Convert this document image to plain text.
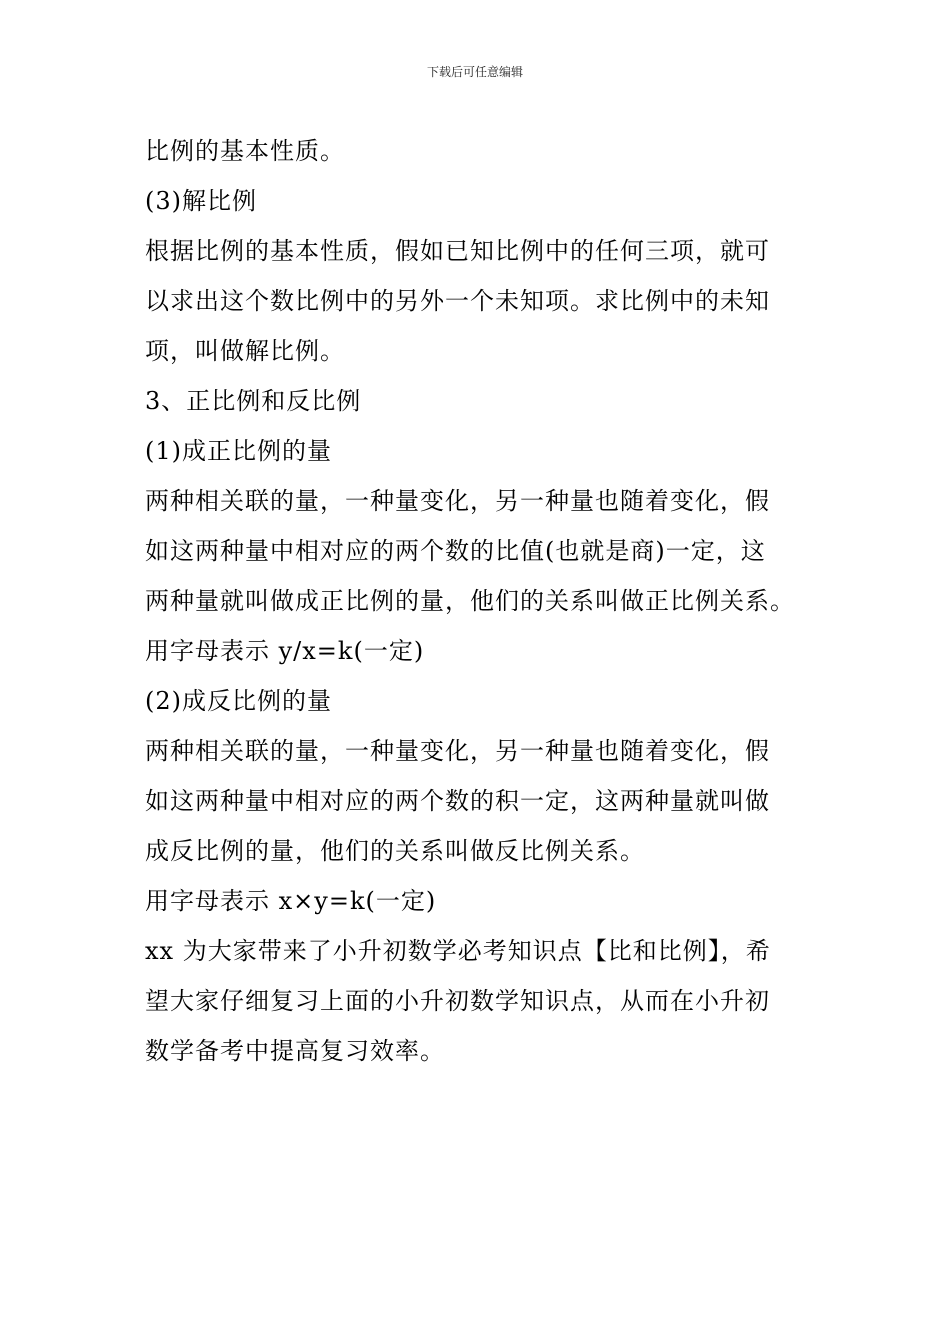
下载后可任意编辑
比例的基本性质。
(3)解比例
根据比例的基本性质，假如已知比例中的任何三项，就可
以求出这个数比例中的另外一个未知项。求比例中的未知
项，叫做解比例。
3、正比例和反比例
(1)成正比例的量
两种相关联的量，一种量变化，另一种量也随着变化，假
如这两种量中相对应的两个数的比值(也就是商)一定，这
两种量就叫做成正比例的量，他们的关系叫做正比例关系。
用字母表示 y/x=k(一定)
(2)成反比例的量
两种相关联的量，一种量变化，另一种量也随着变化，假
如这两种量中相对应的两个数的积一定，这两种量就叫做
成反比例的量，他们的关系叫做反比例关系。
用字母表示 x×y=k(一定)
xx 为大家带来了小升初数学必考知识点【比和比例】，希
望大家仔细复习上面的小升初数学知识点，从而在小升初
数学备考中提高复习效率。
